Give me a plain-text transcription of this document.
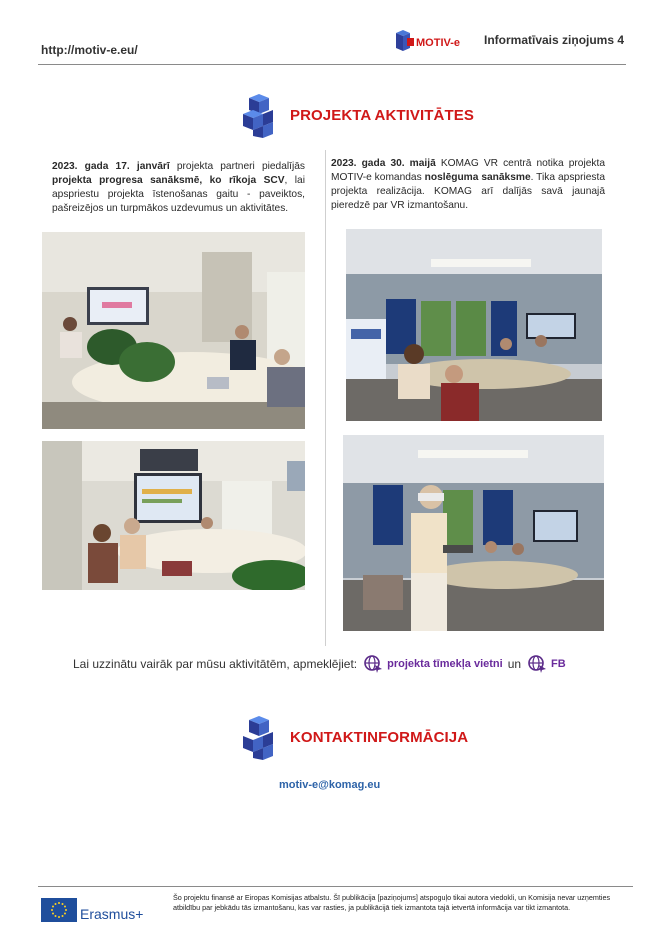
http://motiv-e.eu/	MOTIV-e Informatīvais ziņojums 4
PROJEKTA AKTIVITĀTES
2023. gada 17. janvārī projekta partneri piedalījās projekta progresa sanāksmē, ko rīkoja SCV, lai apspriestu projekta īstenošanas gaitu - paveiktos, pašreizējos un turpmākos uzdevumus un aktivitātes.
2023. gada 30. maijā KOMAG VR centrā notika projekta MOTIV-e komandas noslēguma sanāksme. Tika apspriesta projekta realizācija. KOMAG arī dalījās savā jaunajā pieredzē par VR izmantošanu.
Lai uzzinātu vairāk par mūsu aktivitātēm, apmeklējiet:	projekta tīmekļa vietni un	FB
KONTAKTINFORMĀCIJA
motiv-e@komag.eu
Erasmus+
Šo projektu finansē ar Eiropas Komisijas atbalstu. Šī publikācija [paziņojums] atspoguļo tikai autora viedokli, un Komisija nevar uzņemties atbildību par jebkādu tās izmantošanu, kas var rasties, ja publikācijā tiek izmantota tajā ietvertā informācija var tikt izmantota.
